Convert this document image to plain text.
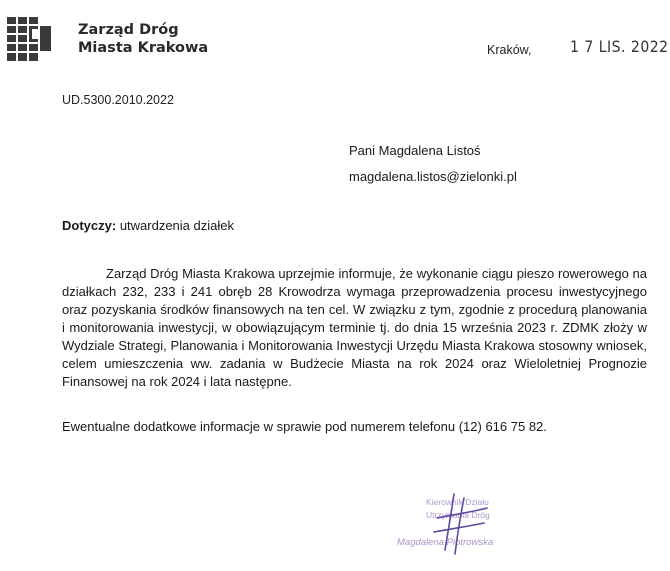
Zarząd Dróg
Miasta Krakowa	Kraków,	1 7 LIS. 2022
UD.5300.2010.2022
Pani Magdalena Listoś
magdalena.listos@zielonki.pl
Dotyczy: utwardzenia działek

Zarząd Dróg Miasta Krakowa uprzejmie informuje, że wykonanie ciągu pieszo rowerowego na działkach 232, 233 i 241 obręb 28 Krowodrza wymaga przeprowadzenia procesu inwestycyjnego oraz pozyskania środków finansowych na ten cel. W związku z tym, zgodnie z procedurą planowania i monitorowania inwestycji, w obowiązującym terminie tj. do dnia 15 września 2023 r. ZDMK złoży w Wydziale Strategi, Planowania i Monitorowania Inwestycji Urzędu Miasta Krakowa stosowny wniosek, celem umieszczenia ww. zadania w Budżecie Miasta na rok 2024 oraz Wieloletniej Prognozie Finansowej na rok 2024 i lata następne.

Ewentualne dodatkowe informacje w sprawie pod numerem telefonu (12) 616 75 82.
Kierownik Działu
Utrzymania Dróg
Magdalena Piotrowska
